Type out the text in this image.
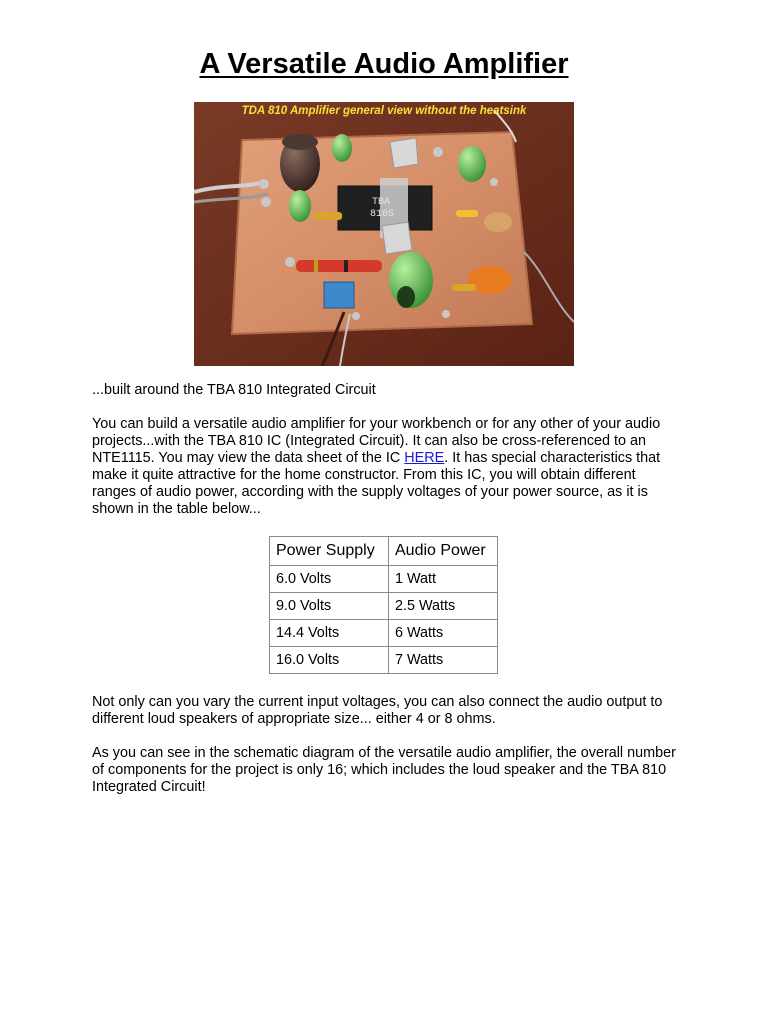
A Versatile Audio Amplifier
TBA
810S
TDA 810 Amplifier general view without the heatsink

...built around the TBA 810 Integrated Circuit

You can build a versatile audio amplifier for your workbench or for any other of your audio projects...with the TBA 810 IC (Integrated Circuit). It can also be cross-referenced to an NTE1115. You may view the data sheet of the IC HERE. It has special characteristics that make it quite attractive for the home constructor. From this IC, you will obtain different ranges of audio power, according with the supply voltages of your power source, as it is shown in the table below...

Power Supply	Audio Power
6.0 Volts	1 Watt
9.0 Volts	2.5 Watts
14.4 Volts	6 Watts
16.0 Volts	7 Watts

Not only can you vary the current input voltages, you can also connect the audio output to different loud speakers of appropriate size... either 4 or 8 ohms.

As you can see in the schematic diagram of the versatile audio amplifier, the overall number of components for the project is only 16; which includes the loud speaker and the TBA 810 Integrated Circuit!
